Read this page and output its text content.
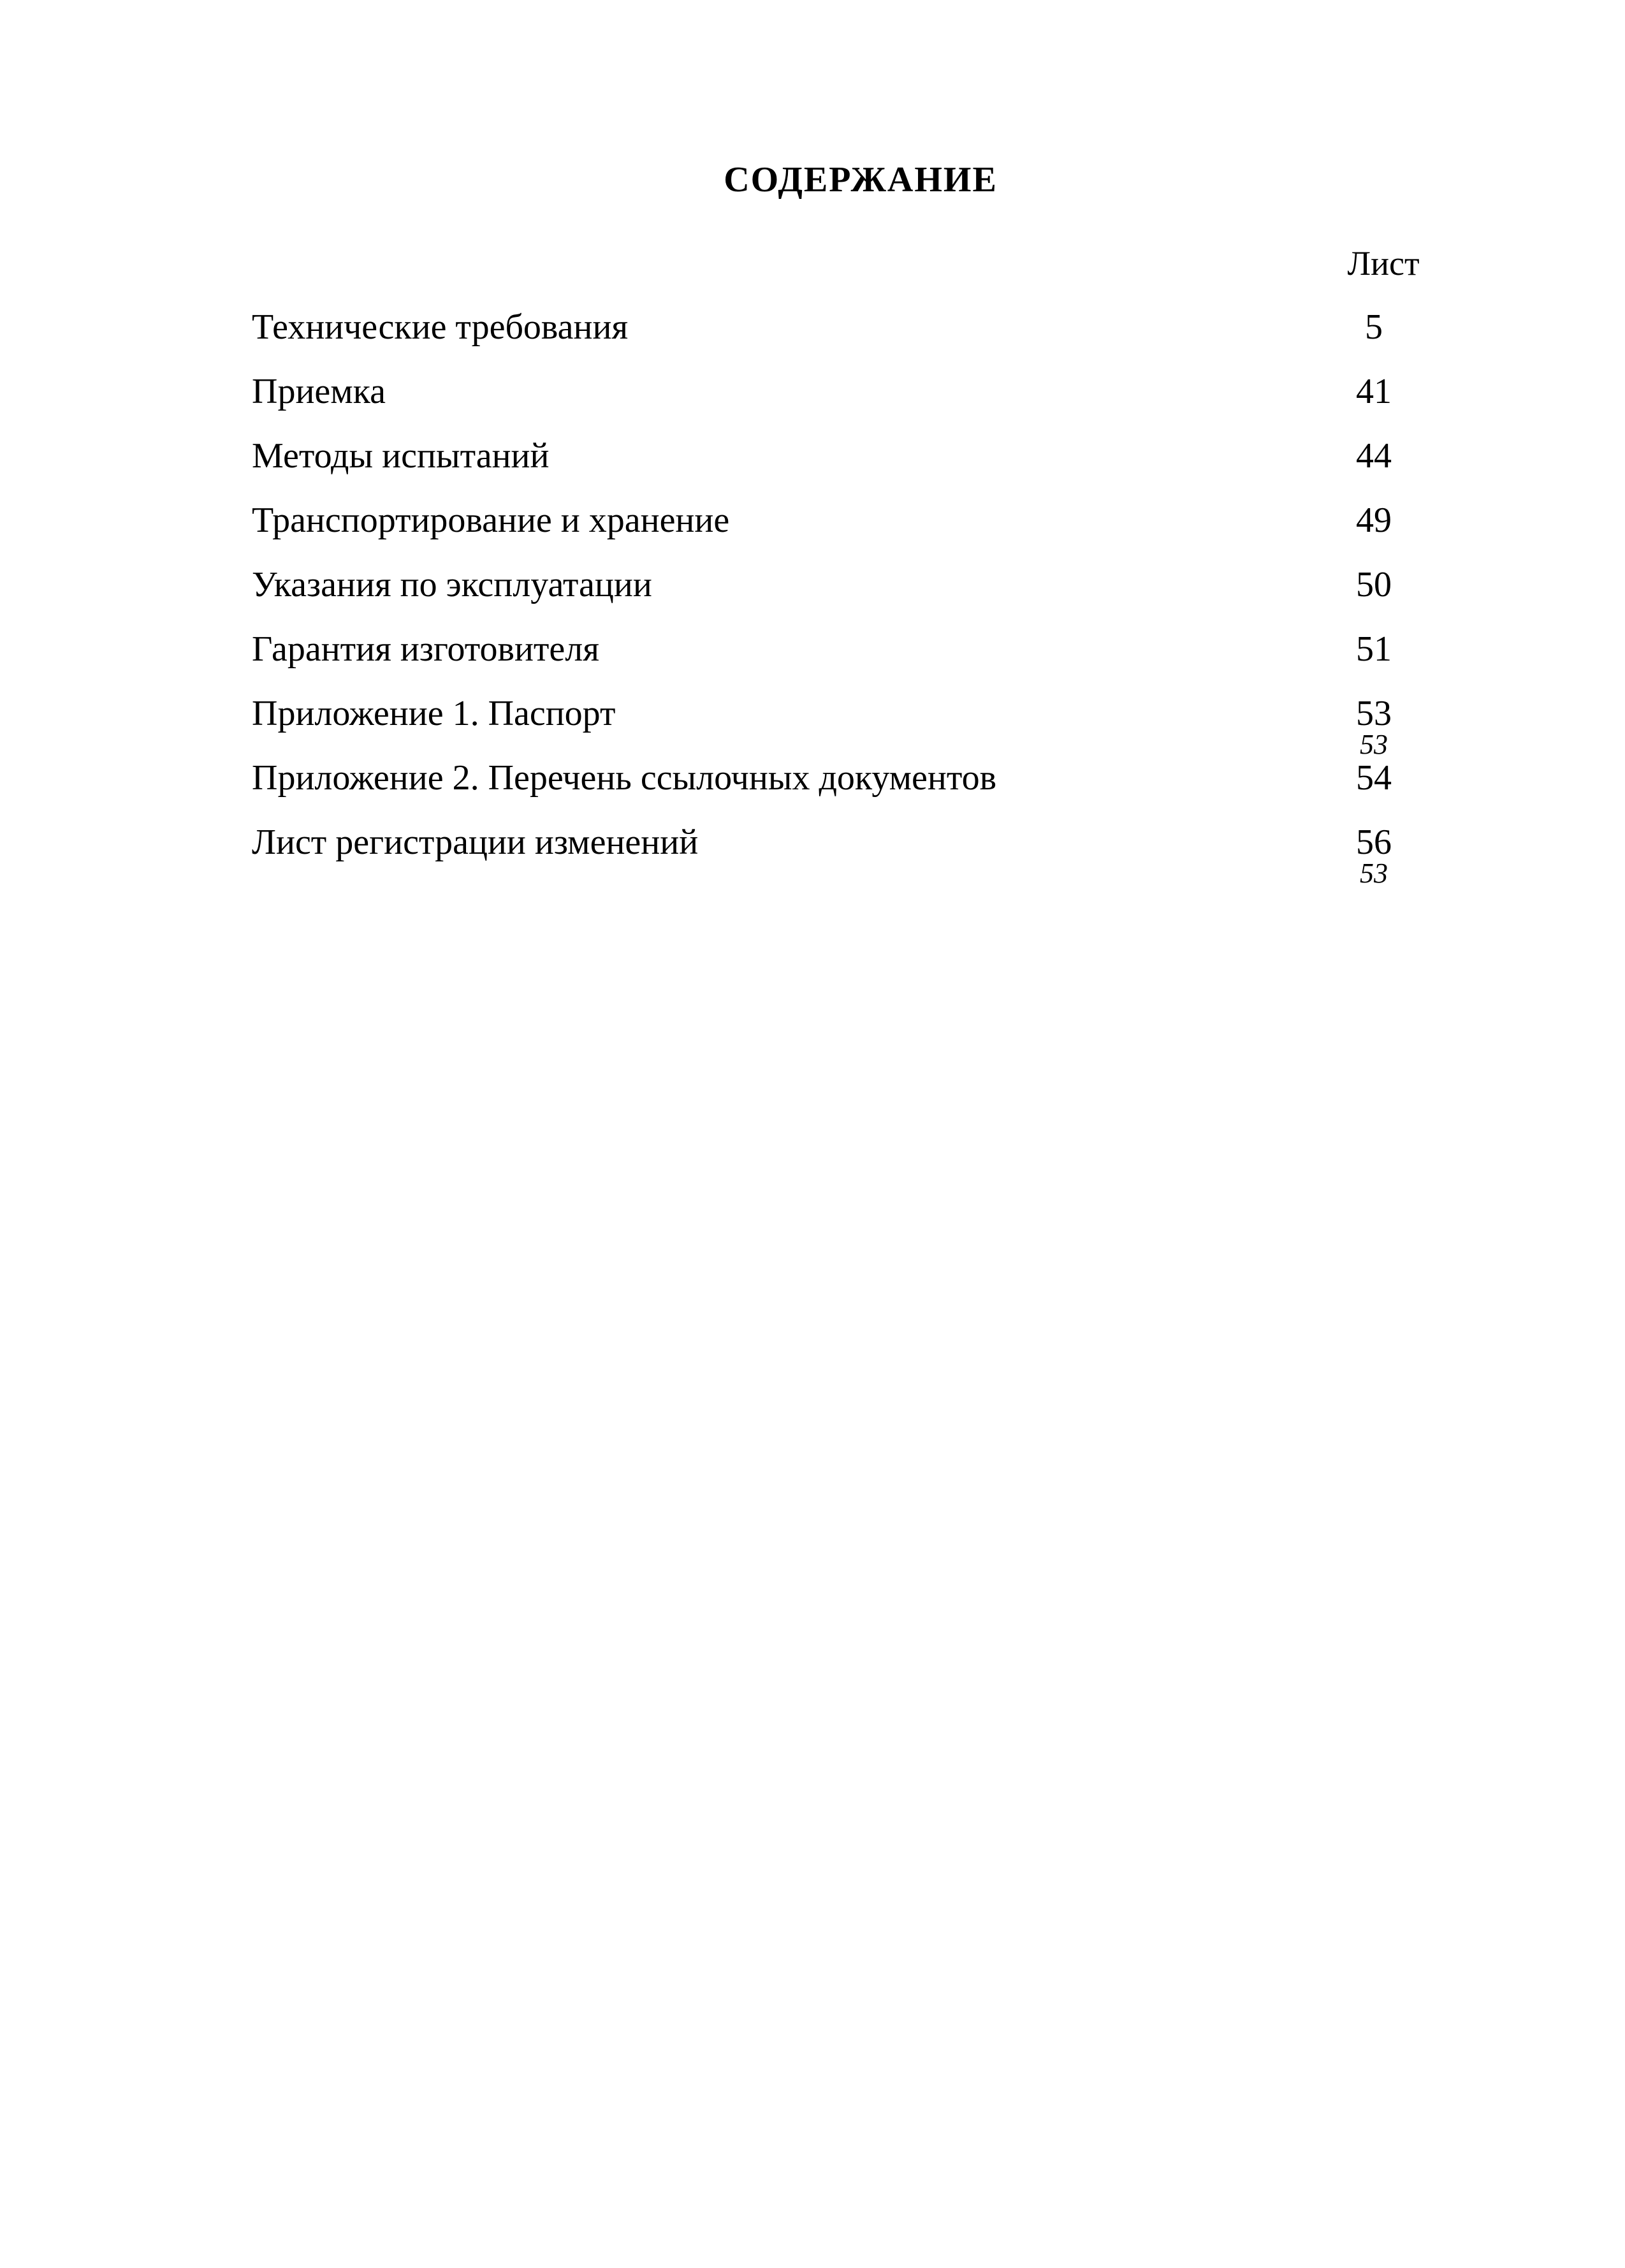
СОДЕРЖАНИЕ
Лист
Технические требования	5
Приемка	41
Методы испытаний	44
Транспортирование и хранение	49
Указания по эксплуатации	50
Гарантия изготовителя	51
Приложение 1. Паспорт	53
53
Приложение 2. Перечень ссылочных документов	54
Лист регистрации изменений	56
53
